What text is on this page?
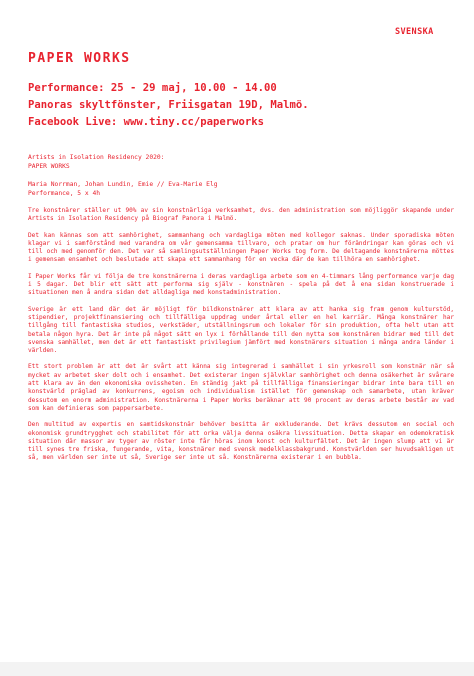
SVENSKA
PAPER WORKS
Performance: 25 - 29 maj, 10.00 - 14.00
Panoras skyltfönster, Friisgatan 19D, Malmö.
Facebook Live: www.tiny.cc/paperworks
Artists in Isolation Residency 2020:
PAPER WORKS
Maria Norrman, Johan Lundin, Emie // Eva-Marie Elg
Performance, 5 x 4h

Tre konstnärer ställer ut 90% av sin konstnärliga verksamhet, dvs. den administration som möjliggör skapande under Artists in Isolation Residency på Biograf Panora i Malmö.

Det kan kännas som att samhörighet, sammanhang och vardagliga möten med kollegor saknas. Under sporadiska möten klagar vi i samförstånd med varandra om vår gemensamma tillvaro, och pratar om hur förändringar kan göras och vi till och med genomför den. Det var så samlingsutställningen Paper Works tog form. De deltagande konstnärerna möttes i gemensam ensamhet och beslutade att skapa ett sammanhang för en vecka där de kan tillhöra en samhörighet.

I Paper Works får vi följa de tre konstnärerna i deras vardagliga arbete som en 4-timmars lång performance varje dag i 5 dagar. Det blir ett sätt att performa sig själv - konstnären - spela på det å ena sidan konstruerade i situationen men å andra sidan det alldagliga med konstadministration.

Sverige är ett land där det är möjligt för bildkonstnärer att klara av att hanka sig fram genom kulturstöd, stipendier, projektfinansiering och tillfälliga uppdrag under årtal eller en hel karriär. Många konstnärer har tillgång till fantastiska studios, verkstäder, utställningsrum och lokaler för sin produktion, ofta helt utan att betala någon hyra. Det är inte på något sätt en lyx i förhållande till den nytta som konstnären bidrar med till det svenska samhället, men det är ett fantastiskt privilegium jämfört med konstnärers situation i många andra länder i världen.

Ett stort problem är att det är svårt att känna sig integrerad i samhället i sin yrkesroll som konstnär när så mycket av arbetet sker dolt och i ensamhet. Det existerar ingen självklar samhörighet och denna osäkerhet är svårare att klara av än den ekonomiska ovissheten. En ständig jakt på tillfälliga finansieringar bidrar inte bara till en konstvärld präglad av konkurrens, egoism och individualism istället för gemenskap och samarbete, utan kräver dessutom en enorm administration. Konstnärerna i Paper Works beräknar att 90 procent av deras arbete består av vad som kan definieras som pappersarbete.

Den multitud av expertis en samtidskonstnär behöver besitta är exkluderande. Det krävs dessutom en social och ekonomisk grundtrygghet och stabilitet för att orka välja denna osäkra livssituation. Detta skapar en odemokratisk situation där massor av tyger av röster inte får höras inom konst och kulturfältet. Det är ingen slump att vi är till synes tre friska, fungerande, vita, konstnärer med svensk medelklassbakgrund. Konstvärlden ser huvudsakligen ut så, men världen ser inte ut så, Sverige ser inte ut så. Konstnärerna existerar i en bubbla.
